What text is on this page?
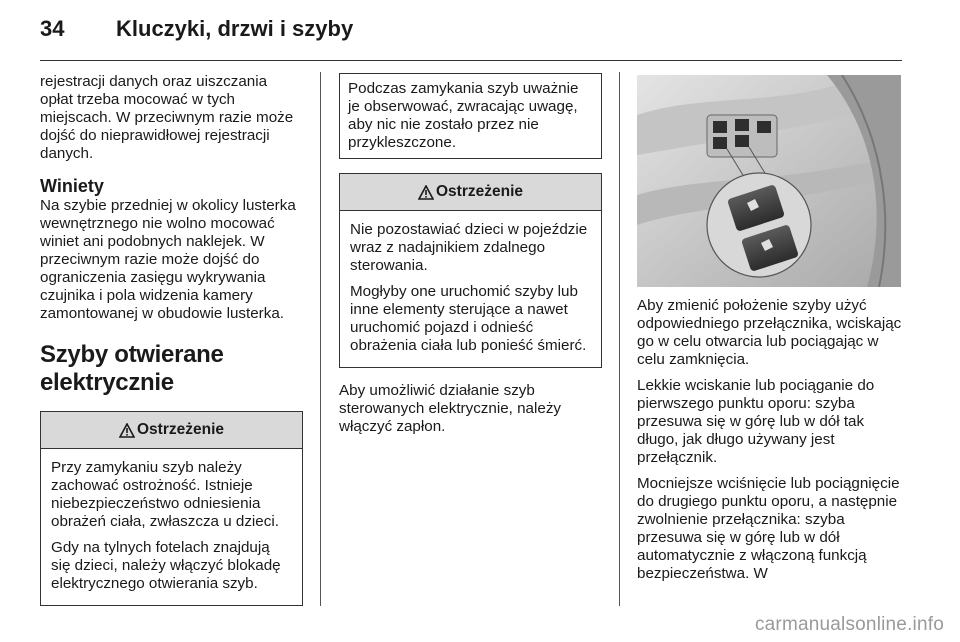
34 Kluczyki, drzwi i szyby

rejestracji danych oraz uiszczania opłat trzeba mocować w tych miejscach. W przeciwnym razie może dojść do nieprawidłowej rejestracji danych.

Winiety

Na szybie przedniej w okolicy lusterka wewnętrznego nie wolno mocować winiet ani podobnych naklejek. W przeciwnym razie może dojść do ograniczenia zasięgu wykrywania czujnika i pola widzenia kamery zamontowanej w obudowie lusterka.

Szyby otwierane elektrycznie
Ostrzeżenie

Przy zamykaniu szyb należy zachować ostrożność. Istnieje niebezpieczeństwo odniesienia obrażeń ciała, zwłaszcza u dzieci.

Gdy na tylnych fotelach znajdują się dzieci, należy włączyć blokadę elektrycznego otwierania szyb.

Podczas zamykania szyb uważnie je obserwować, zwracając uwagę, aby nic nie zostało przez nie przykleszczone.
Ostrzeżenie

Nie pozostawiać dzieci w pojeździe wraz z nadajnikiem zdalnego sterowania.

Mogłyby one uruchomić szyby lub inne elementy sterujące a nawet uruchomić pojazd i odnieść obrażenia ciała lub ponieść śmierć.

Aby umożliwić działanie szyb sterowanych elektrycznie, należy włączyć zapłon.

Aby zmienić położenie szyby użyć odpowiedniego przełącznika, wciskając go w celu otwarcia lub pociągając w celu zamknięcia.

Lekkie wciskanie lub pociąganie do pierwszego punktu oporu: szyba przesuwa się w górę lub w dół tak długo, jak długo używany jest przełącznik.

Mocniejsze wciśnięcie lub pociągnięcie do drugiego punktu oporu, a następnie zwolnienie przełącznika: szyba przesuwa się w górę lub w dół automatycznie z włączoną funkcją bezpieczeństwa. W

carmanualsonline.info
